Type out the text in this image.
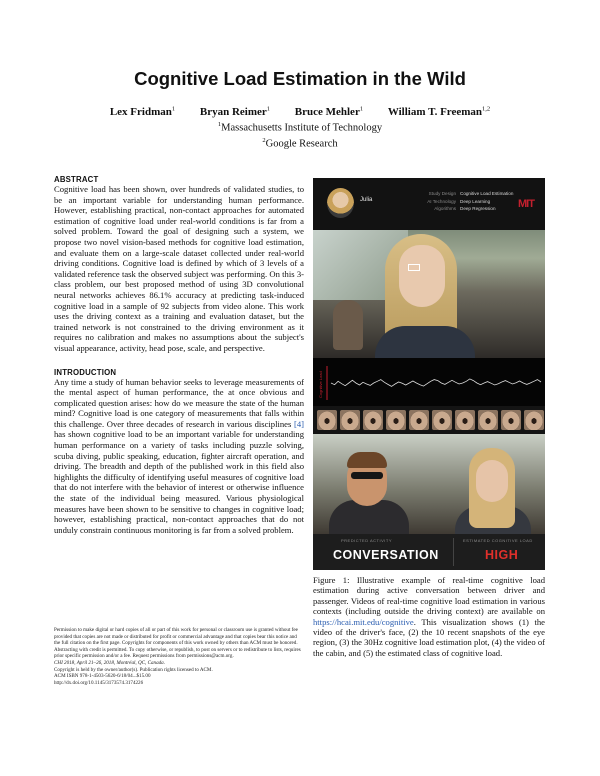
Cognitive Load Estimation in the Wild
Lex Fridman$^1$ Bryan Reimer$^1$ Bruce Mehler$^1$ William T. Freeman$^{1,2}$
$^1$Massachusetts Institute of Technology
$^2$Google Research
ABSTRACT

Cognitive load has been shown, over hundreds of validated studies, to be an important variable for understanding human performance. However, establishing practical, non-contact approaches for automated estimation of cognitive load under real-world conditions is far from a solved problem. Toward the goal of designing such a system, we propose two novel vision-based methods for cognitive load estimation, and evaluate them on a large-scale dataset collected under real-world driving conditions. Cognitive load is defined by which of 3 levels of a validated reference task the observed subject was performing. On this 3-class problem, our best proposed method of using 3D convolutional neural networks achieves 86.1% accuracy at predicting task-induced cognitive load in a sample of 92 subjects from video alone. This work uses the driving context as a training and evaluation dataset, but the trained network is not constrained to the driving environment as it requires no calibration and makes no assumptions about the subject's visual appearance, activity, head pose, scale, and perspective.

INTRODUCTION

Any time a study of human behavior seeks to leverage measurements of the mental aspect of human performance, the at once obvious and complicated question arises: how do we measure the state of the human mind? Cognitive load is one category of measurements that falls within this challenge. Over three decades of research in various disciplines [4] has shown cognitive load to be an important variable for understanding human performance on a variety of tasks including puzzle solving, scuba diving, public speaking, education, fighter aircraft operation, and driving. The breadth and depth of the published work in this field also highlights the difficulty of identifying useful measures of cognitive load that do not interfere with the behavior of interest or otherwise influence the state of the individual being measured. Various physiological measures have been shown to be sensitive to changes in cognitive load; however, establishing practical, non-contact approaches that do not unduly constrain continuous monitoring is far from a solved problem.

Permission to make digital or hard copies of all or part of this work for personal or classroom use is granted without fee provided that copies are not made or distributed for profit or commercial advantage and that copies bear this notice and the full citation on the first page. Copyrights for components of this work owned by others than ACM must be honored. Abstracting with credit is permitted. To copy otherwise, or republish, to post on servers or to redistribute to lists, requires prior specific permission and/or a fee. Request permissions from permissions@acm.org.
CHI 2018, April 21–26, 2018, Montréal, QC, Canada.
Copyright is held by the owner/author(s). Publication rights licensed to ACM.
ACM ISBN 978-1-4503-5620-6/18/04...$15.00
http://dx.doi.org/10.1145/3173574.3174226
Julia
Study Design
AI Technology
Algorithms
Cognitive Load Estimation
Deep Learning
Deep Regression	MIT
Cognitive Load
PREDICTED ACTIVITY
CONVERSATION
ESTIMATED COGNITIVE LOAD
HIGH

Figure 1: Illustrative example of real-time cognitive load estimation during active conversation between driver and passenger. Videos of real-time cognitive load estimation in various contexts (including outside the driving context) are available on https://hcai.mit.edu/cognitive. This visualization shows (1) the video of the driver's face, (2) the 10 recent snapshots of the eye region, (3) the 30Hz cognitive load estimation plot, (4) the video of the cabin, and (5) the estimated class of cognitive load.
